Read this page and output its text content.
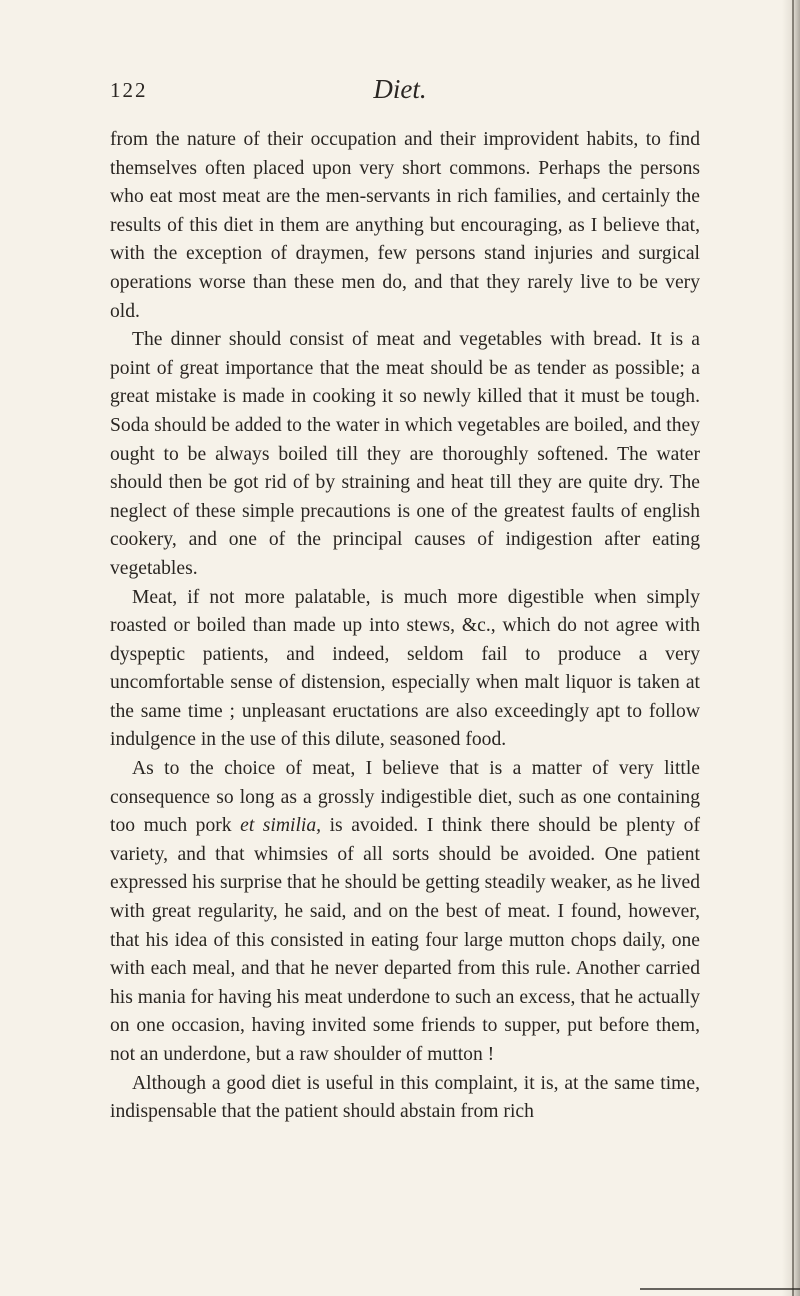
122	Diet.

from the nature of their occupation and their improvident habits, to find themselves often placed upon very short commons. Perhaps the persons who eat most meat are the men-servants in rich families, and certainly the results of this diet in them are anything but encouraging, as I believe that, with the exception of draymen, few persons stand injuries and surgical operations worse than these men do, and that they rarely live to be very old.

The dinner should consist of meat and vegetables with bread. It is a point of great importance that the meat should be as tender as possible; a great mistake is made in cooking it so newly killed that it must be tough. Soda should be added to the water in which vegetables are boiled, and they ought to be always boiled till they are thoroughly softened. The water should then be got rid of by straining and heat till they are quite dry. The neglect of these simple precautions is one of the greatest faults of english cookery, and one of the principal causes of indigestion after eating vegetables.

Meat, if not more palatable, is much more digestible when simply roasted or boiled than made up into stews, &c., which do not agree with dyspeptic patients, and indeed, seldom fail to produce a very uncomfortable sense of distension, especially when malt liquor is taken at the same time ; unpleasant eructations are also exceedingly apt to follow indulgence in the use of this dilute, seasoned food.

As to the choice of meat, I believe that is a matter of very little consequence so long as a grossly indigestible diet, such as one containing too much pork et similia, is avoided. I think there should be plenty of variety, and that whimsies of all sorts should be avoided. One patient expressed his surprise that he should be getting steadily weaker, as he lived with great regularity, he said, and on the best of meat. I found, however, that his idea of this consisted in eating four large mutton chops daily, one with each meal, and that he never departed from this rule. Another carried his mania for having his meat underdone to such an excess, that he actually on one occasion, having invited some friends to supper, put before them, not an underdone, but a raw shoulder of mutton !

Although a good diet is useful in this complaint, it is, at the same time, indispensable that the patient should abstain from rich
